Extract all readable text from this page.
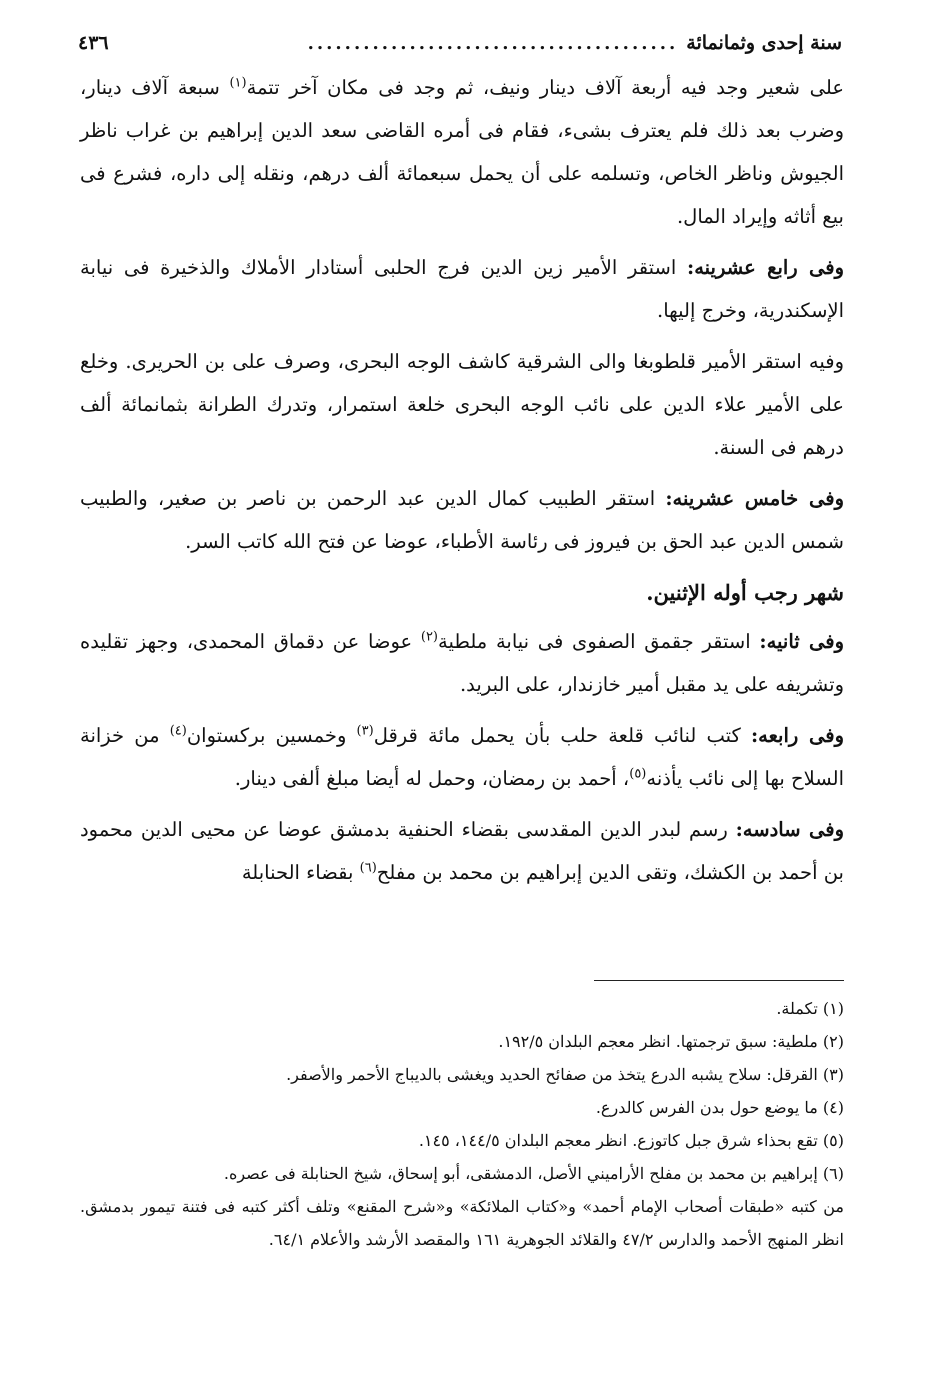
سنة إحدى وثمانمائة
........................................
٤٣٦

على شعير وجد فيه أربعة آلاف دينار ونيف، ثم وجد فى مكان آخر تتمة$^{(١)}$ سبعة آلاف دينار، وضرب بعد ذلك فلم يعترف بشىء، فقام فى أمره القاضى سعد الدين إبراهيم بن غراب ناظر الجيوش وناظر الخاص، وتسلمه على أن يحمل سبعمائة ألف درهم، ونقله إلى داره، فشرع فى بيع أثاثه وإيراد المال.

وفى رابع عشرينه: استقر الأمير زين الدين فرج الحلبى أستادار الأملاك والذخيرة فى نيابة الإسكندرية، وخرج إليها.

وفيه استقر الأمير قلطوبغا والى الشرقية كاشف الوجه البحرى، وصرف على بن الحريرى. وخلع على الأمير علاء الدين على نائب الوجه البحرى خلعة استمرار، وتدرك الطرانة بثمانمائة ألف درهم فى السنة.

وفى خامس عشرينه: استقر الطبيب كمال الدين عبد الرحمن بن ناصر بن صغير، والطبيب شمس الدين عبد الحق بن فيروز فى رئاسة الأطباء، عوضا عن فتح الله كاتب السر.

شهر رجب أوله الإثنين.

وفى ثانيه: استقر جقمق الصفوى فى نيابة ملطية$^{(٢)}$ عوضا عن دقماق المحمدى، وجهز تقليده وتشريفه على يد مقبل أمير خازندار، على البريد.

وفى رابعه: كتب لنائب قلعة حلب بأن يحمل مائة قرقل$^{(٣)}$ وخمسين بركستوان$^{(٤)}$ من خزانة السلاح بها إلى نائب يأذنه$^{(٥)}$، أحمد بن رمضان، وحمل له أيضا مبلغ ألفى دينار.

وفى سادسه: رسم لبدر الدين المقدسى بقضاء الحنفية بدمشق عوضا عن محيى الدين محمود بن أحمد بن الكشك، وتقى الدين إبراهيم بن محمد بن مفلح$^{(٦)}$ بقضاء الحنابلة

(١) تكملة.

(٢) ملطية: سبق ترجمتها. انظر معجم البلدان ١٩٢/٥.

(٣) القرقل: سلاح يشبه الدرع يتخذ من صفائح الحديد ويغشى بالديباج الأحمر والأصفر.

(٤) ما يوضع حول بدن الفرس كالدرع.

(٥) تقع بحذاء شرق جبل كاتوزع. انظر معجم البلدان ١٤٤/٥، ١٤٥.

(٦) إبراهيم بن محمد بن مفلح الأراميني الأصل، الدمشقى، أبو إسحاق، شيخ الحنابلة فى عصره.

من كتبه «طبقات أصحاب الإمام أحمد» و«كتاب الملائكة» و«شرح المقنع» وتلف أكثر كتبه فى فتنة تيمور بدمشق. انظر المنهج الأحمد والدارس ٤٧/٢ والقلائد الجوهرية ١٦١ والمقصد الأرشد والأعلام ٦٤/١.
